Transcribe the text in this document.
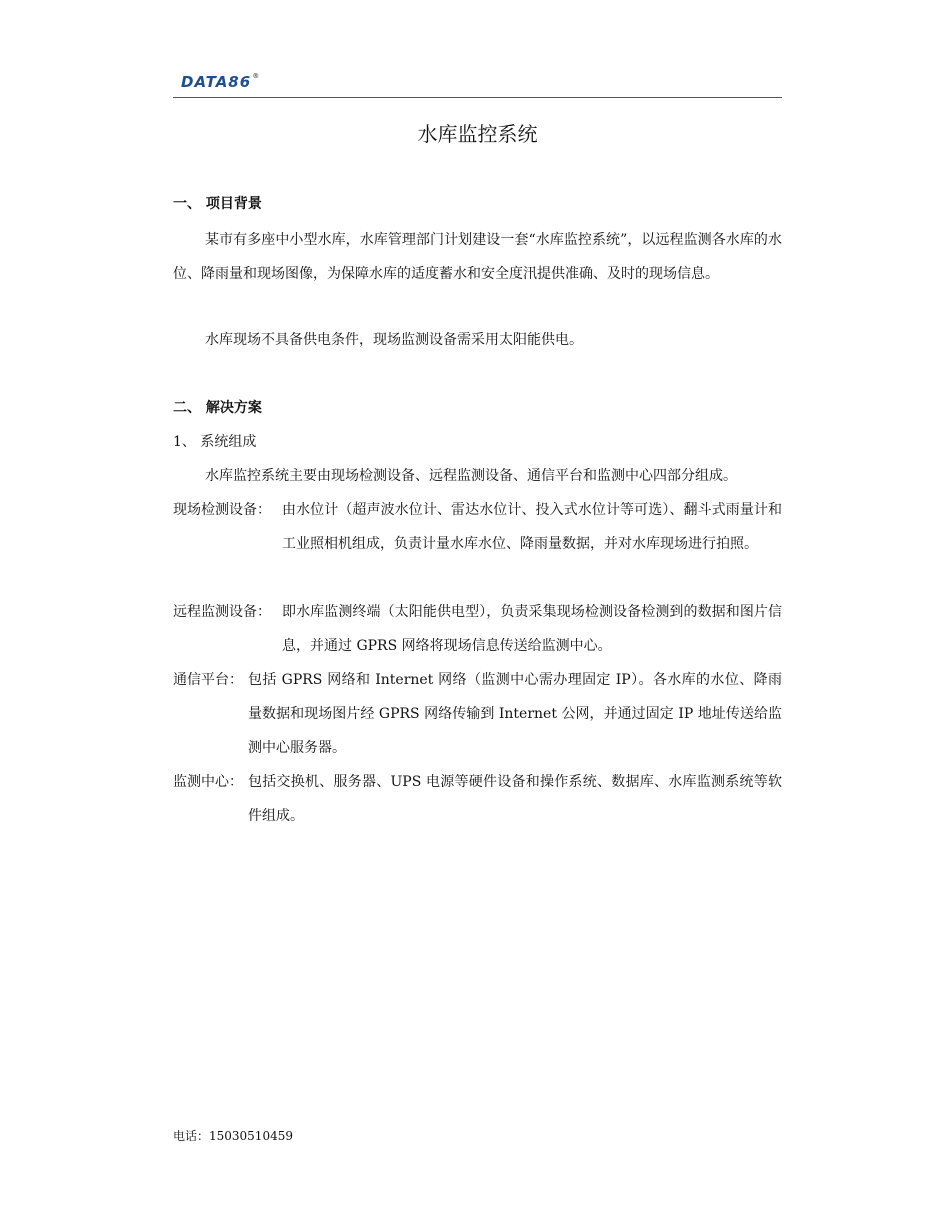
DATA86®
水库监控系统
一、 项目背景
某市有多座中小型水库，水库管理部门计划建设一套“水库监控系统”，以远程监测各水库的水位、降雨量和现场图像，为保障水库的适度蓄水和安全度汛提供准确、及时的现场信息。
水库现场不具备供电条件，现场监测设备需采用太阳能供电。
二、 解决方案
1、 系统组成
水库监控系统主要由现场检测设备、远程监测设备、通信平台和监测中心四部分组成。
现场检测设备： 由水位计（超声波水位计、雷达水位计、投入式水位计等可选）、翻斗式雨量计和工业照相机组成，负责计量水库水位、降雨量数据，并对水库现场进行拍照。
远程监测设备： 即水库监测终端（太阳能供电型），负责采集现场检测设备检测到的数据和图片信息，并通过 GPRS 网络将现场信息传送给监测中心。
通信平台： 包括 GPRS 网络和 Internet 网络（监测中心需办理固定 IP）。各水库的水位、降雨量数据和现场图片经 GPRS 网络传输到 Internet 公网，并通过固定 IP 地址传送给监测中心服务器。
监测中心： 包括交换机、服务器、UPS 电源等硬件设备和操作系统、数据库、水库监测系统等软件组成。
电话：15030510459
